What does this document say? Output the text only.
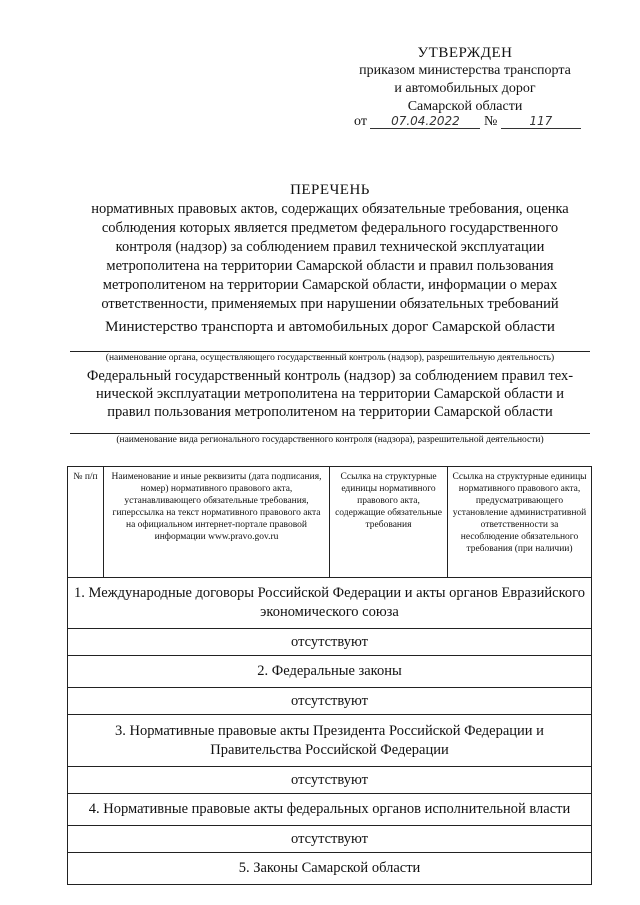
УТВЕРЖДЕН
приказом министерства транспорта
и автомобильных дорог
Самарской области
от 07.04.2022 №	117
ПЕРЕЧЕНЬ
нормативных правовых актов, содержащих обязательные требования, оценка
соблюдения которых является предметом федерального государственного
контроля (надзор) за соблюдением правил технической эксплуатации
метрополитена на территории Самарской области и правил пользования
метрополитеном на территории Самарской области, информации о мерах
ответственности, применяемых при нарушении обязательных требований
Министерство транспорта и автомобильных дорог Самарской области
(наименование органа, осуществляющего государственный контроль (надзор), разрешительную деятельность)
Федеральный государственный контроль (надзор) за соблюдением правил тех-
нической эксплуатации метрополитена на территории Самарской области и
правил пользования метрополитеном на территории Самарской области
(наименование вида регионального государственного контроля (надзора), разрешительной деятельности)
№ п/п	Наименование и иные реквизиты (дата подписания, номер) нормативного правового акта, устанавливающего обязательные требования, гиперссылка на текст нормативного правового акта на официальном интернет-портале правовой информации www.pravo.gov.ru	Ссылка на структурные единицы нормативного правового акта, содержащие обязательные требования	Ссылка на структурные единицы нормативного правового акта, предусматривающего установление административной ответственности за несоблюдение обязательного требования (при наличии)
1. Международные договоры Российской Федерации и акты органов Евразийского экономического союза
отсутствуют
2. Федеральные законы
отсутствуют
3. Нормативные правовые акты Президента Российской Федерации и Правительства Российской Федерации
отсутствуют
4. Нормативные правовые акты федеральных органов исполнительной власти
отсутствуют
5. Законы Самарской области
